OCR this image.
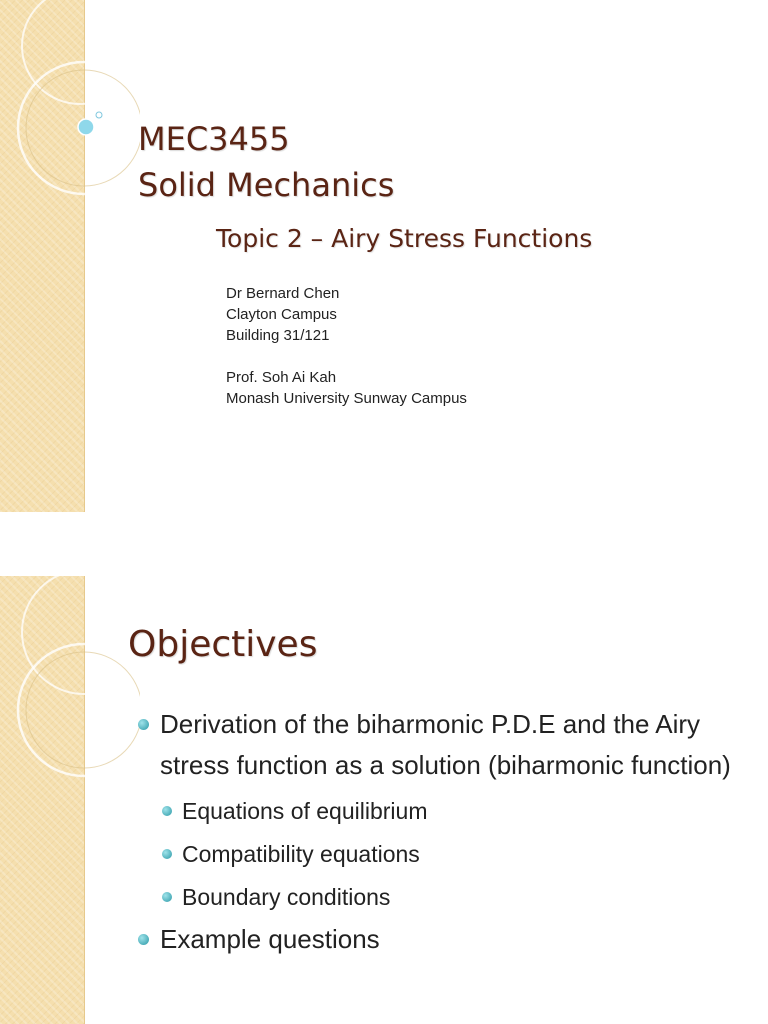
MEC3455
Solid Mechanics
Topic 2 – Airy Stress Functions
Dr Bernard Chen
Clayton Campus
Building 31/121
Prof. Soh Ai Kah
Monash University Sunway Campus
Objectives
Derivation of the biharmonic P.D.E and the Airy stress function as a solution (biharmonic function)
Equations of equilibrium
Compatibility equations
Boundary conditions
Example questions
